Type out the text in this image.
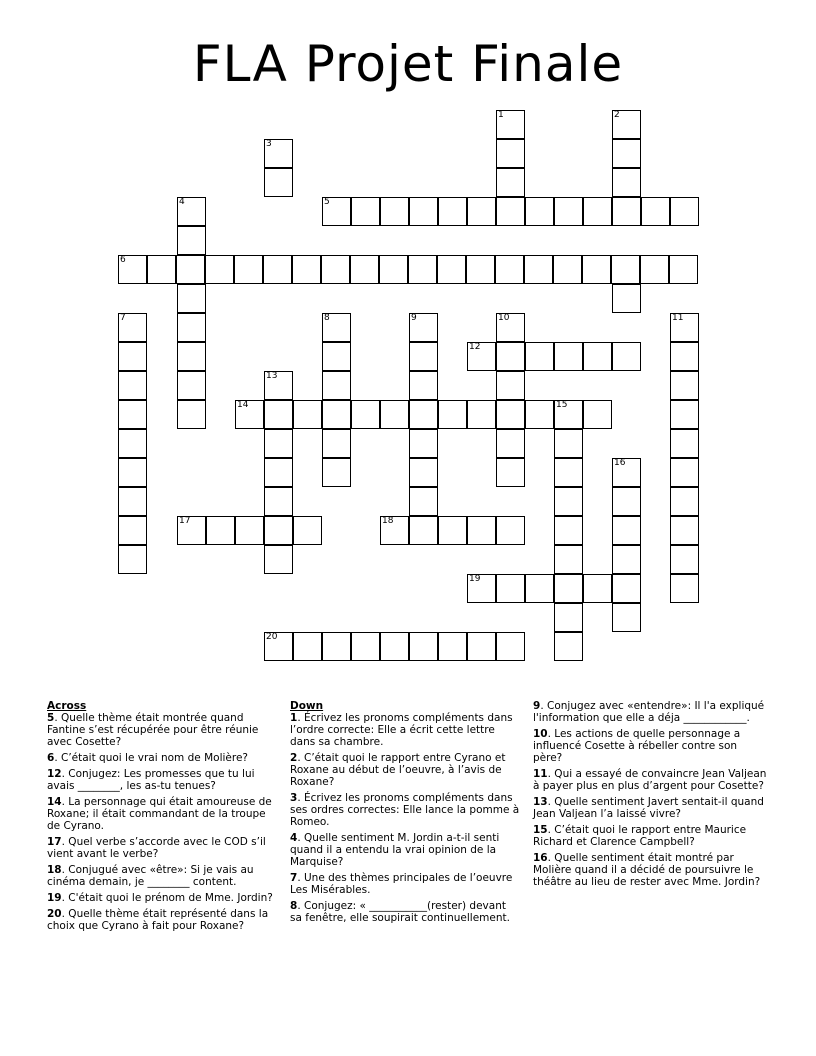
FLA Projet Finale
1	2
3
4	5
6
7	8	9	10	11
12
13
14	15
16
17	18
19
20
Across
5. Quelle thème était montrée quand Fantine s’est récupérée pour être réunie avec Cosette?
6. C’était quoi le vrai nom de Molière?
12. Conjugez: Les promesses que tu lui avais ________, les as-tu tenues?
14. La personnage qui était amoureuse de Roxane; il était commandant de la troupe de Cyrano.
17. Quel verbe s’accorde avec le COD s’il vient avant le verbe?
18. Conjugué avec «être»: Si je vais au cinéma demain, je ________ content.
19. C'était quoi le prénom de Mme. Jordin?
20. Quelle thème était représenté dans la choix que Cyrano à fait pour Roxane?
Down
1. Écrivez les pronoms compléments dans l’ordre correcte: Elle a écrit cette lettre dans sa chambre.
2. C’était quoi le rapport entre Cyrano et Roxane au début de l’oeuvre, à l’avis de Roxane?
3. Écrivez les pronoms compléments dans ses ordres correctes: Elle lance la pomme à Romeo.
4. Quelle sentiment M. Jordin a-t-il senti quand il a entendu la vrai opinion de la Marquise?
7. Une des thèmes principales de l’oeuvre Les Misérables.
8. Conjugez: « ___________(rester) devant sa fenêtre, elle soupirait continuellement.
9. Conjugez avec «entendre»: Il l'a expliqué l'information que elle a déja ____________.
10. Les actions de quelle personnage a influencé Cosette à rébeller contre son père?
11. Qui a essayé de convaincre Jean Valjean à payer plus en plus d’argent pour Cosette?
13. Quelle sentiment Javert sentait-il quand Jean Valjean l’a laissé vivre?
15. C’était quoi le rapport entre Maurice Richard et Clarence Campbell?
16. Quelle sentiment était montré par Molière quand il a décidé de poursuivre le théâtre au lieu de rester avec Mme. Jordin?
